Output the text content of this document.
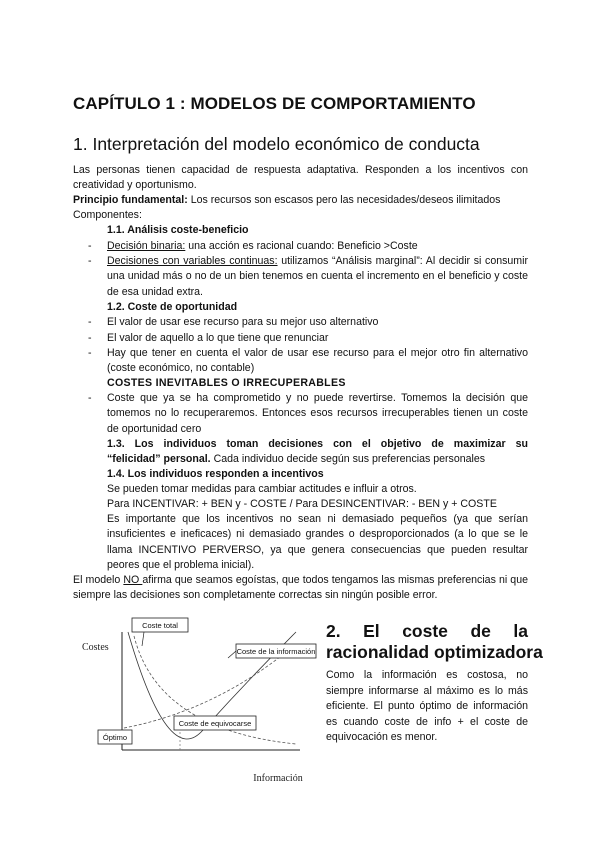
CAPÍTULO 1 : MODELOS DE COMPORTAMIENTO
1. Interpretación del modelo económico de conducta
Las personas tienen capacidad de respuesta adaptativa. Responden a los incentivos con
creatividad y oportunismo.
Principio fundamental: Los recursos son escasos pero las necesidades/deseos ilimitados
Componentes:
1.1. Análisis coste-beneficio
- Decisión binaria: una acción es racional cuando: Beneficio >Coste
- Decisiones con variables continuas: utilizamos “Análisis marginal”: Al decidir si consumir una unidad más o no de un bien tenemos en cuenta el incremento en el beneficio y coste de esa unidad extra.
1.2. Coste de oportunidad
- El valor de usar ese recurso para su mejor uso alternativo
- El valor de aquello a lo que tiene que renunciar
- Hay que tener en cuenta el valor de usar ese recurso para el mejor otro fin alternativo (coste económico, no contable)
COSTES INEVITABLES O IRRECUPERABLES
- Coste que ya se ha comprometido y no puede revertirse. Tomemos la decisión que tomemos no lo recuperaremos. Entonces esos recursos irrecuperables tienen un coste de oportunidad cero
1.3. Los individuos toman decisiones con el objetivo de maximizar su
“felicidad” personal. Cada individuo decide según sus preferencias personales
1.4. Los individuos responden a incentivos
Se pueden tomar medidas para cambiar actitudes e influir a otros.
Para INCENTIVAR: + BEN y - COSTE / Para DESINCENTIVAR: - BEN y + COSTE
Es importante que los incentivos no sean ni demasiado pequeños (ya que serían insuficientes e ineficaces) ni demasiado grandes o desproporcionados (a lo que se le llama INCENTIVO PERVERSO, ya que genera consecuencias que pueden resultar peores que el problema inicial).
El modelo NO afirma que seamos egoístas, que todos tengamos las mismas preferencias ni que siempre las decisiones son completamente correctas sin ningún posible error.
Costes
Coste total
Coste de la información
Coste de equivocarse
Óptimo
Información
2. El coste de la
racionalidad optimizadora
Como la información es costosa, no siempre informarse al máximo es lo más eficiente. El punto óptimo de información es cuando coste de info + el coste de equivocación es menor.
